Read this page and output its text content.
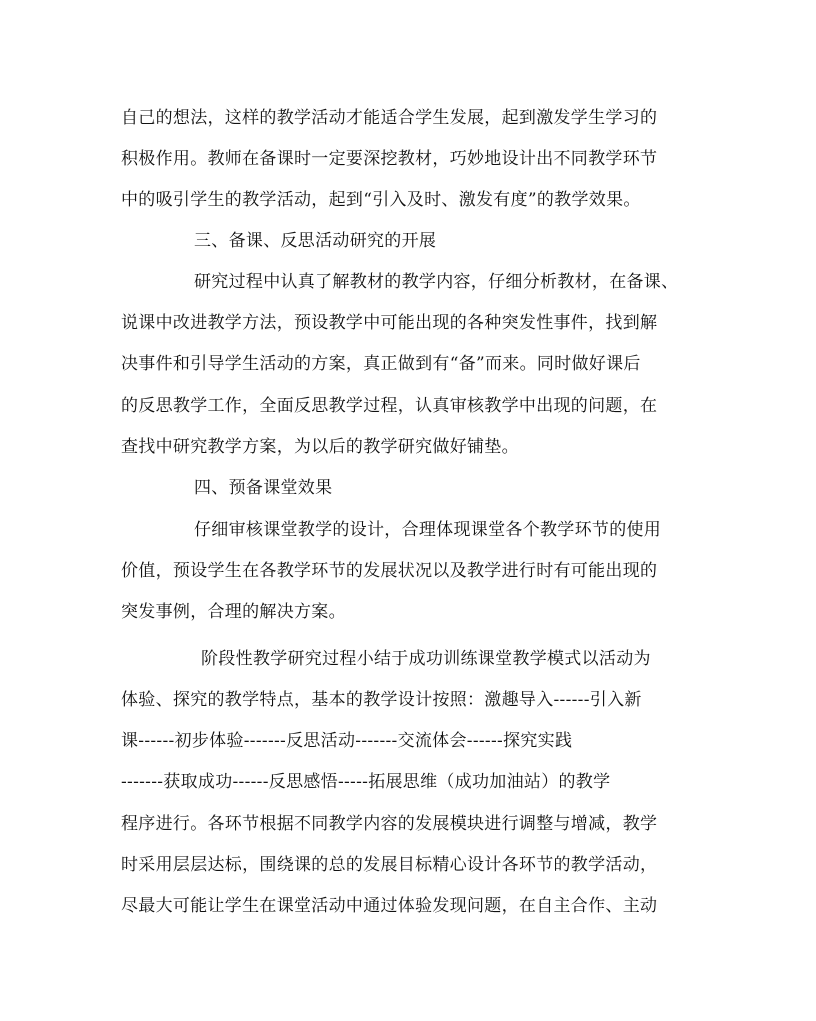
自己的想法，这样的教学活动才能适合学生发展，起到激发学生学习的
积极作用。教师在备课时一定要深挖教材，巧妙地设计出不同教学环节
中的吸引学生的教学活动，起到“引入及时、激发有度”的教学效果。
三、备课、反思活动研究的开展
研究过程中认真了解教材的教学内容，仔细分析教材，在备课、
说课中改进教学方法，预设教学中可能出现的各种突发性事件，找到解
决事件和引导学生活动的方案，真正做到有“备”而来。同时做好课后
的反思教学工作，全面反思教学过程，认真审核教学中出现的问题，在
查找中研究教学方案，为以后的教学研究做好铺垫。
四、预备课堂效果
仔细审核课堂教学的设计，合理体现课堂各个教学环节的使用
价值，预设学生在各教学环节的发展状况以及教学进行时有可能出现的
突发事例，合理的解决方案。
阶段性教学研究过程小结于成功训练课堂教学模式以活动为
体验、探究的教学特点，基本的教学设计按照：激趣导入------引入新
课------初步体验-------反思活动-------交流体会------探究实践
-------获取成功------反思感悟-----拓展思维（成功加油站）的教学
程序进行。各环节根据不同教学内容的发展模块进行调整与增减，教学
时采用层层达标，围绕课的总的发展目标精心设计各环节的教学活动，
尽最大可能让学生在课堂活动中通过体验发现问题，在自主合作、主动
